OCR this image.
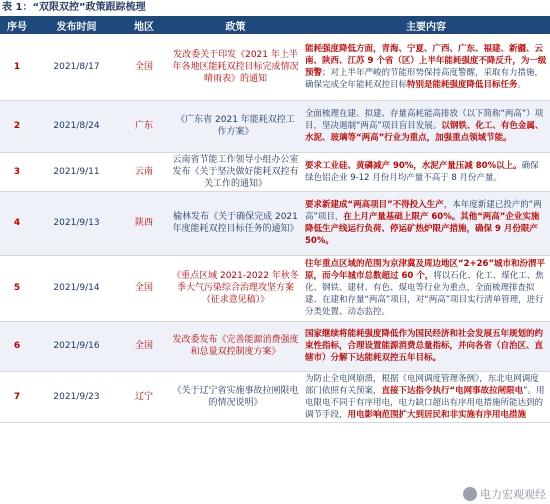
表 1：“双限双控”政策跟踪梳理
序号	发布时间	地区	政策	主要内容
1	2021/8/17	全国	发改委关于印发《2021 年上半年各地区能耗双控目标完成情况晴雨表》的通知	能耗强度降低方面，青海、宁夏、广西、广东、福建、新疆、云南、陕西、江苏 9 个省（区）上半年能耗强度不降反升，为一级预警；对上半年严峻的节能形势保持高度警醒，采取有力措施，确保完成全年能耗双控目标特别是能耗强度降低目标任务。
2	2021/8/24	广东	《广东省 2021 年能耗双控工作方案》	全面梳理在建、拟建、存量高耗能高排放（以下简称“两高”）项目，坚决遏制“两高”项目盲目发展。以钢铁、化工、有色金属、水泥、玻璃等“两高”行业为重点，加强重点领域节能。
3	2021/9/11	云南	云南省节能工作领导小组办公室发布《关于坚决做好能耗双控有关工作的通知》	要求工业硅、黄磷减产 90%，水泥产量压减 80%以上。确保绿色铝企业 9-12 月份月均产量不高于 8 月份产量。
4	2021/9/13	陕西	榆林发布《关于确保完成 2021 年度能耗双控目标任务的通知》	要求新建成“两高项目”不得投入生产，本年度新建已投产的“两高”项目，在上月产量基础上限产 60%。其他“两高”企业实施降低生产线运行负荷、停运矿热炉限产措施，确保 9 月份限产 50%。
5	2021/9/14	全国	《重点区域 2021-2022 年秋冬季大气污染综合治理攻坚方案（征求意见稿）》	往年重点区域的范围为京津冀及周边地区“2+26”城市和汾渭平原，而今年城市总数超过 60 个，将以石化、化工、煤化工、焦化、钢铁、建材、有色、煤电等行业为重点，全面梳理排查拟建、在建和存量“两高”项目，对“两高”项目实行清单管理，进行分类处置、动态监控。
6	2021/9/16	全国	发改委发布《完善能源消费强度和总量双控制度方案》	国家继续将能耗强度降低作为国民经济和社会发展五年规划的约束性指标，合理设置能源消费总量指标，并向各省（自治区、直辖市）分解下达能耗双控五年目标。
7	2021/9/23	辽宁	《关于辽宁省实施事故拉闸限电的情况说明》	为防止全电网崩溃，根据《电网调度管理条例》，东北电网调度部门依照有关预案，直接下达指令执行“电网事故拉闸限电”。用电限电不同于有序用电，电力缺口超出有序用电措施所能达到的调节手段，用电影响范围扩大到居民和非实施有序用电措施
电力宏观观经
